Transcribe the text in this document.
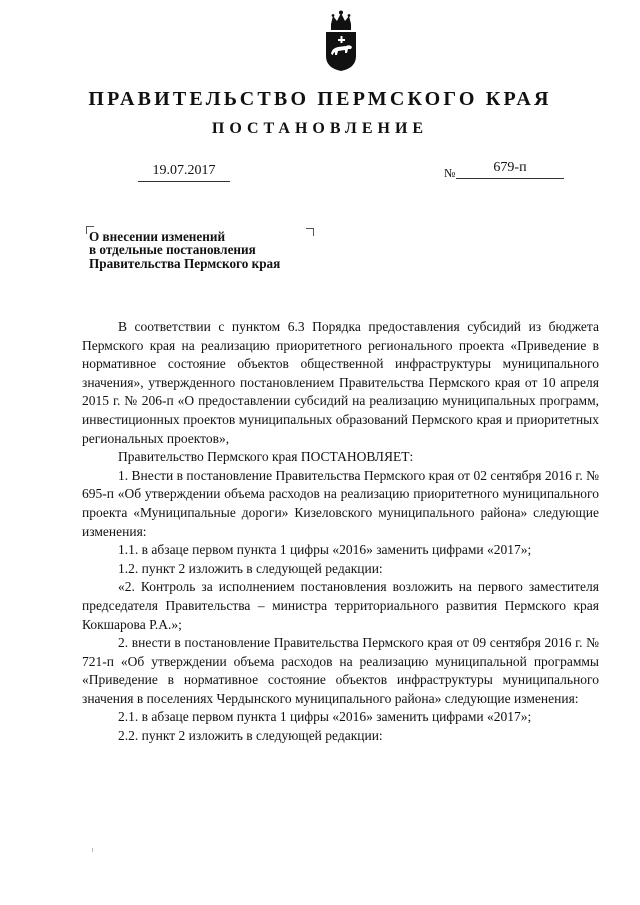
ПРАВИТЕЛЬСТВО ПЕРМСКОГО КРАЯ
ПОСТАНОВЛЕНИЕ
19.07.2017	№	679-п
О внесении изменений
в отдельные постановления
Правительства Пермского края

В соответствии с пунктом 6.3 Порядка предоставления субсидий из бюджета Пермского края на реализацию приоритетного регионального проекта «Приведение в нормативное состояние объектов общественной инфраструктуры муниципального значения», утвержденного постановлением Правительства Пермского края от 10 апреля 2015 г. № 206-п «О предоставлении субсидий на реализацию муниципальных программ, инвестиционных проектов муниципальных образований Пермского края и приоритетных региональных проектов»,

Правительство Пермского края ПОСТАНОВЛЯЕТ:

1. Внести в постановление Правительства Пермского края от 02 сентября 2016 г. № 695-п «Об утверждении объема расходов на реализацию приоритетного муниципального проекта «Муниципальные дороги» Кизеловского муниципального района» следующие изменения:

1.1. в абзаце первом пункта 1 цифры «2016» заменить цифрами «2017»;

1.2. пункт 2 изложить в следующей редакции:

«2. Контроль за исполнением постановления возложить на первого заместителя председателя Правительства – министра территориального развития Пермского края Кокшарова Р.А.»;

2. внести в постановление Правительства Пермского края от 09 сентября 2016 г. № 721-п «Об утверждении объема расходов на реализацию муниципальной программы «Приведение в нормативное состояние объектов инфраструктуры муниципального значения в поселениях Чердынского муниципального района» следующие изменения:

2.1. в абзаце первом пункта 1 цифры «2016» заменить цифрами «2017»;

2.2. пункт 2 изложить в следующей редакции:
